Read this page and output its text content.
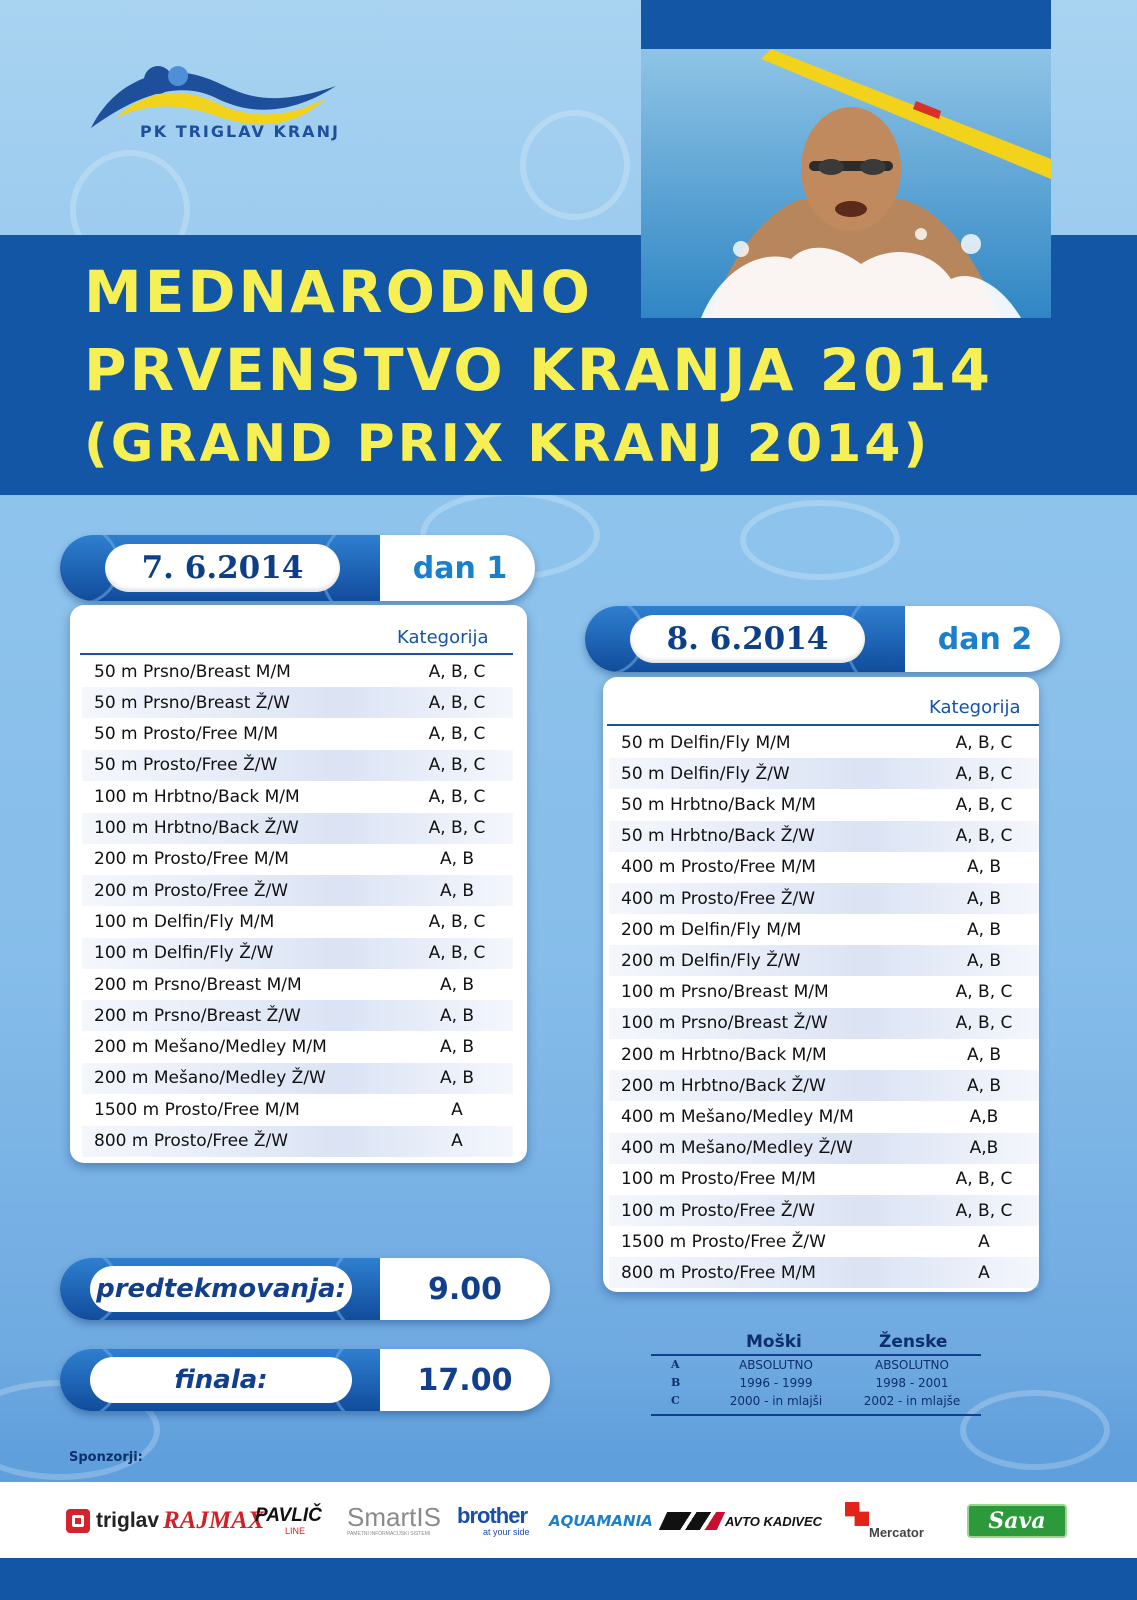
PK TRIGLAV KRANJ
MEDNARODNO
PRVENSTVO KRANJA 2014
(GRAND PRIX KRANJ 2014)
7. 6.2014	dan 1
Kategorija
50 m Prsno/Breast M/M	A, B, C
50 m Prsno/Breast Ž/W	A, B, C
50 m Prosto/Free M/M	A, B, C
50 m Prosto/Free Ž/W	A, B, C
100 m Hrbtno/Back M/M	A, B, C
100 m Hrbtno/Back Ž/W	A, B, C
200 m Prosto/Free M/M	A, B
200 m Prosto/Free Ž/W	A, B
100 m Delfin/Fly M/M	A, B, C
100 m Delfin/Fly Ž/W	A, B, C
200 m Prsno/Breast M/M	A, B
200 m Prsno/Breast Ž/W	A, B
200 m Mešano/Medley M/M	A, B
200 m Mešano/Medley Ž/W	A, B
1500 m Prosto/Free M/M	A
800 m Prosto/Free Ž/W	A
8. 6.2014	dan 2
Kategorija
50 m Delfin/Fly M/M	A, B, C
50 m Delfin/Fly Ž/W	A, B, C
50 m Hrbtno/Back M/M	A, B, C
50 m Hrbtno/Back Ž/W	A, B, C
400 m Prosto/Free M/M	A, B
400 m Prosto/Free Ž/W	A, B
200 m Delfin/Fly M/M	A, B
200 m Delfin/Fly Ž/W	A, B
100 m Prsno/Breast M/M	A, B, C
100 m Prsno/Breast Ž/W	A, B, C
200 m Hrbtno/Back M/M	A, B
200 m Hrbtno/Back Ž/W	A, B
400 m Mešano/Medley M/M	A,B
400 m Mešano/Medley Ž/W	A,B
100 m Prosto/Free M/M	A, B, C
100 m Prosto/Free Ž/W	A, B, C
1500 m Prosto/Free Ž/W	A
800 m Prosto/Free M/M	A
predtekmovanja:	9.00
finala:	17.00
Moški	Ženske
A	ABSOLUTNO	ABSOLUTNO
B	1996 - 1999	1998 - 2001
C	2000 - in mlajši	2002 - in mlajše
Sponzorji:
triglav RAJMAX
PAVLIČ
LINE SmartIS
PAMETNI INFORMACIJSKI SISTEMI
brother
at your side
AQUAMANIA	AVTO KADIVEC
Mercator	Sava
